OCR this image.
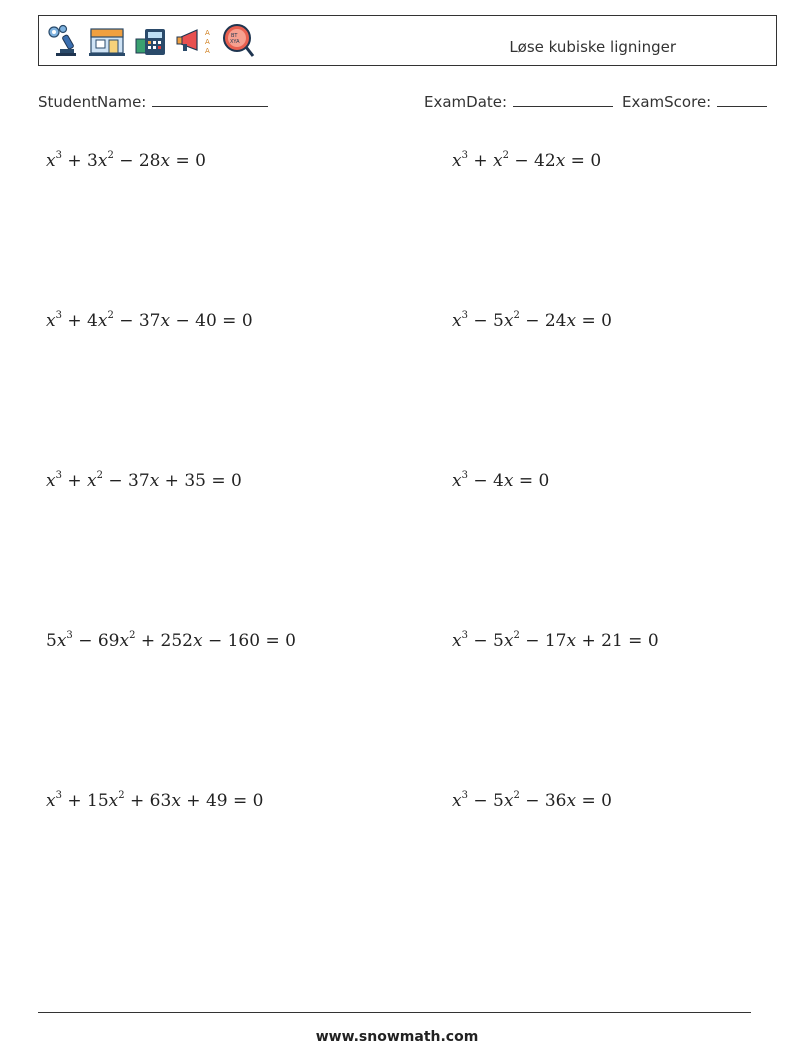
A
A
A
BT
XYA	Løse kubiske ligninger
StudentName:	ExamDate:	ExamScore:
$x^3 + 3x^2 - 28x = 0$	$x^3 + x^2 - 42x = 0$
$x^3 + 4x^2 - 37x - 40 = 0$	$x^3 - 5x^2 - 24x = 0$
$x^3 + x^2 - 37x + 35 = 0$	$x^3 - 4x = 0$
$5x^3 - 69x^2 + 252x - 160 = 0$	$x^3 - 5x^2 - 17x + 21 = 0$
$x^3 + 15x^2 + 63x + 49 = 0$	$x^3 - 5x^2 - 36x = 0$
www.snowmath.com
